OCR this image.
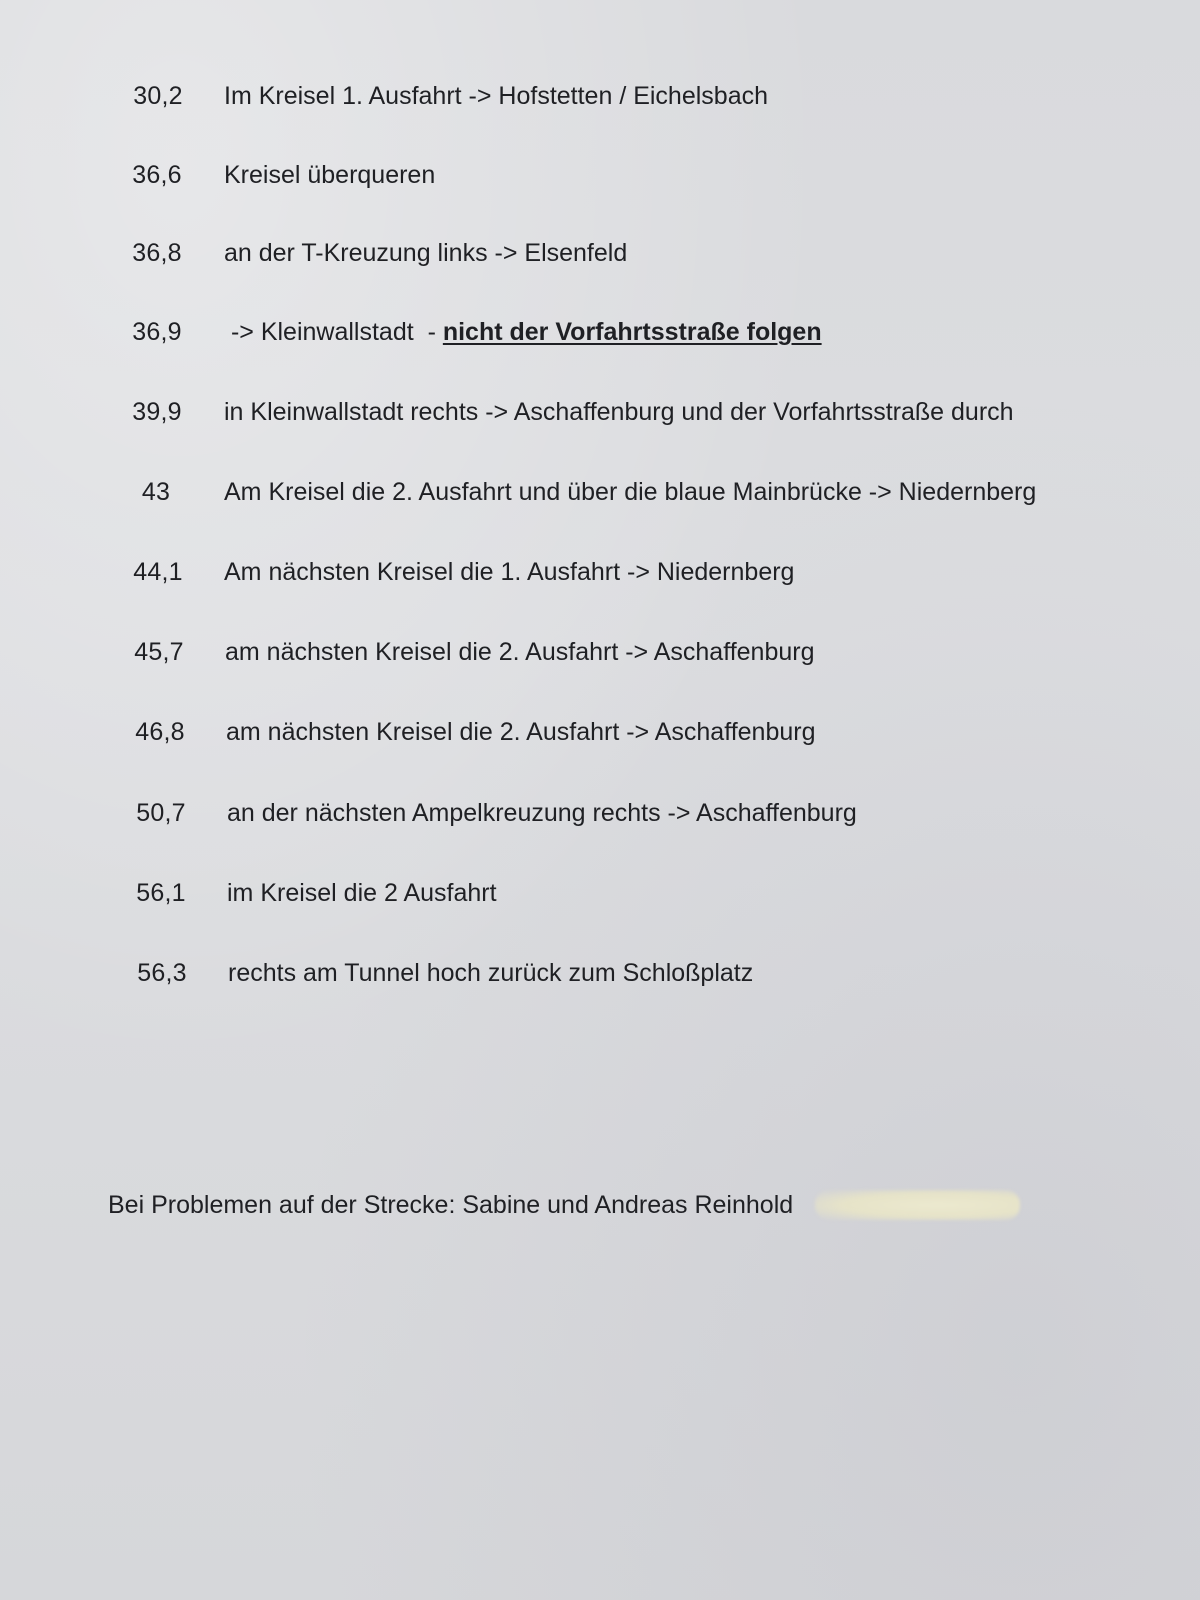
30,2 Im Kreisel 1. Ausfahrt -> Hofstetten / Eichelsbach
36,6 Kreisel überqueren
36,8 an der T-Kreuzung links -> Elsenfeld
36,9 -> Kleinwallstadt  - nicht der Vorfahrtsstraße folgen
39,9 in Kleinwallstadt rechts -> Aschaffenburg und der Vorfahrtsstraße durch
43	Am Kreisel die 2. Ausfahrt und über die blaue Mainbrücke -> Niedernberg
44,1 Am nächsten Kreisel die 1. Ausfahrt -> Niedernberg
45,7 am nächsten Kreisel die 2. Ausfahrt -> Aschaffenburg
46,8 am nächsten Kreisel die 2. Ausfahrt -> Aschaffenburg
50,7 an der nächsten Ampelkreuzung rechts -> Aschaffenburg
56,1 im Kreisel die 2 Ausfahrt
56,3 rechts am Tunnel hoch zurück zum Schloßplatz
Bei Problemen auf der Strecke: Sabine und Andreas Reinhold
